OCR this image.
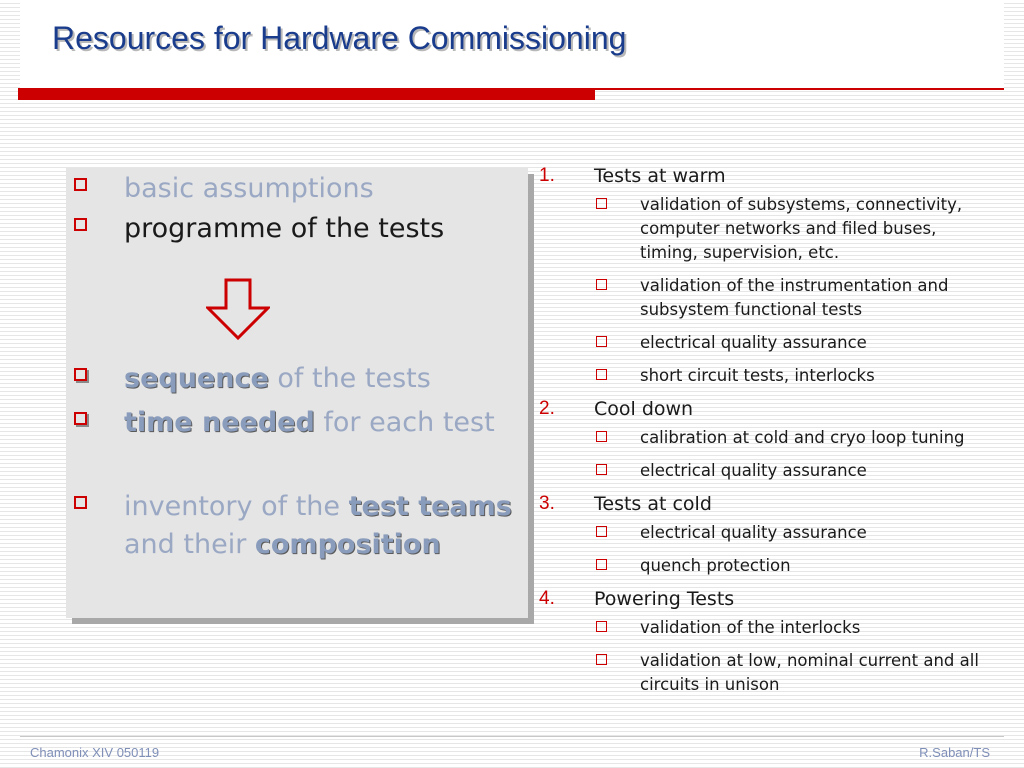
Resources for Hardware Commissioning
basic assumptions
programme of the tests
sequence of the tests
time needed for each test
inventory of the test teams and their composition
1. Tests at warm
validation of subsystems, connectivity, computer networks and filed buses, timing, supervision, etc.
validation of the instrumentation and subsystem functional tests
electrical quality assurance
short circuit tests, interlocks
2. Cool down
calibration at cold and cryo loop tuning
electrical quality assurance
3. Tests at cold
electrical quality assurance
quench protection
4. Powering Tests
validation of the interlocks
validation at low, nominal current and all circuits in unison
Chamonix XIV 050119	R.Saban/TS
